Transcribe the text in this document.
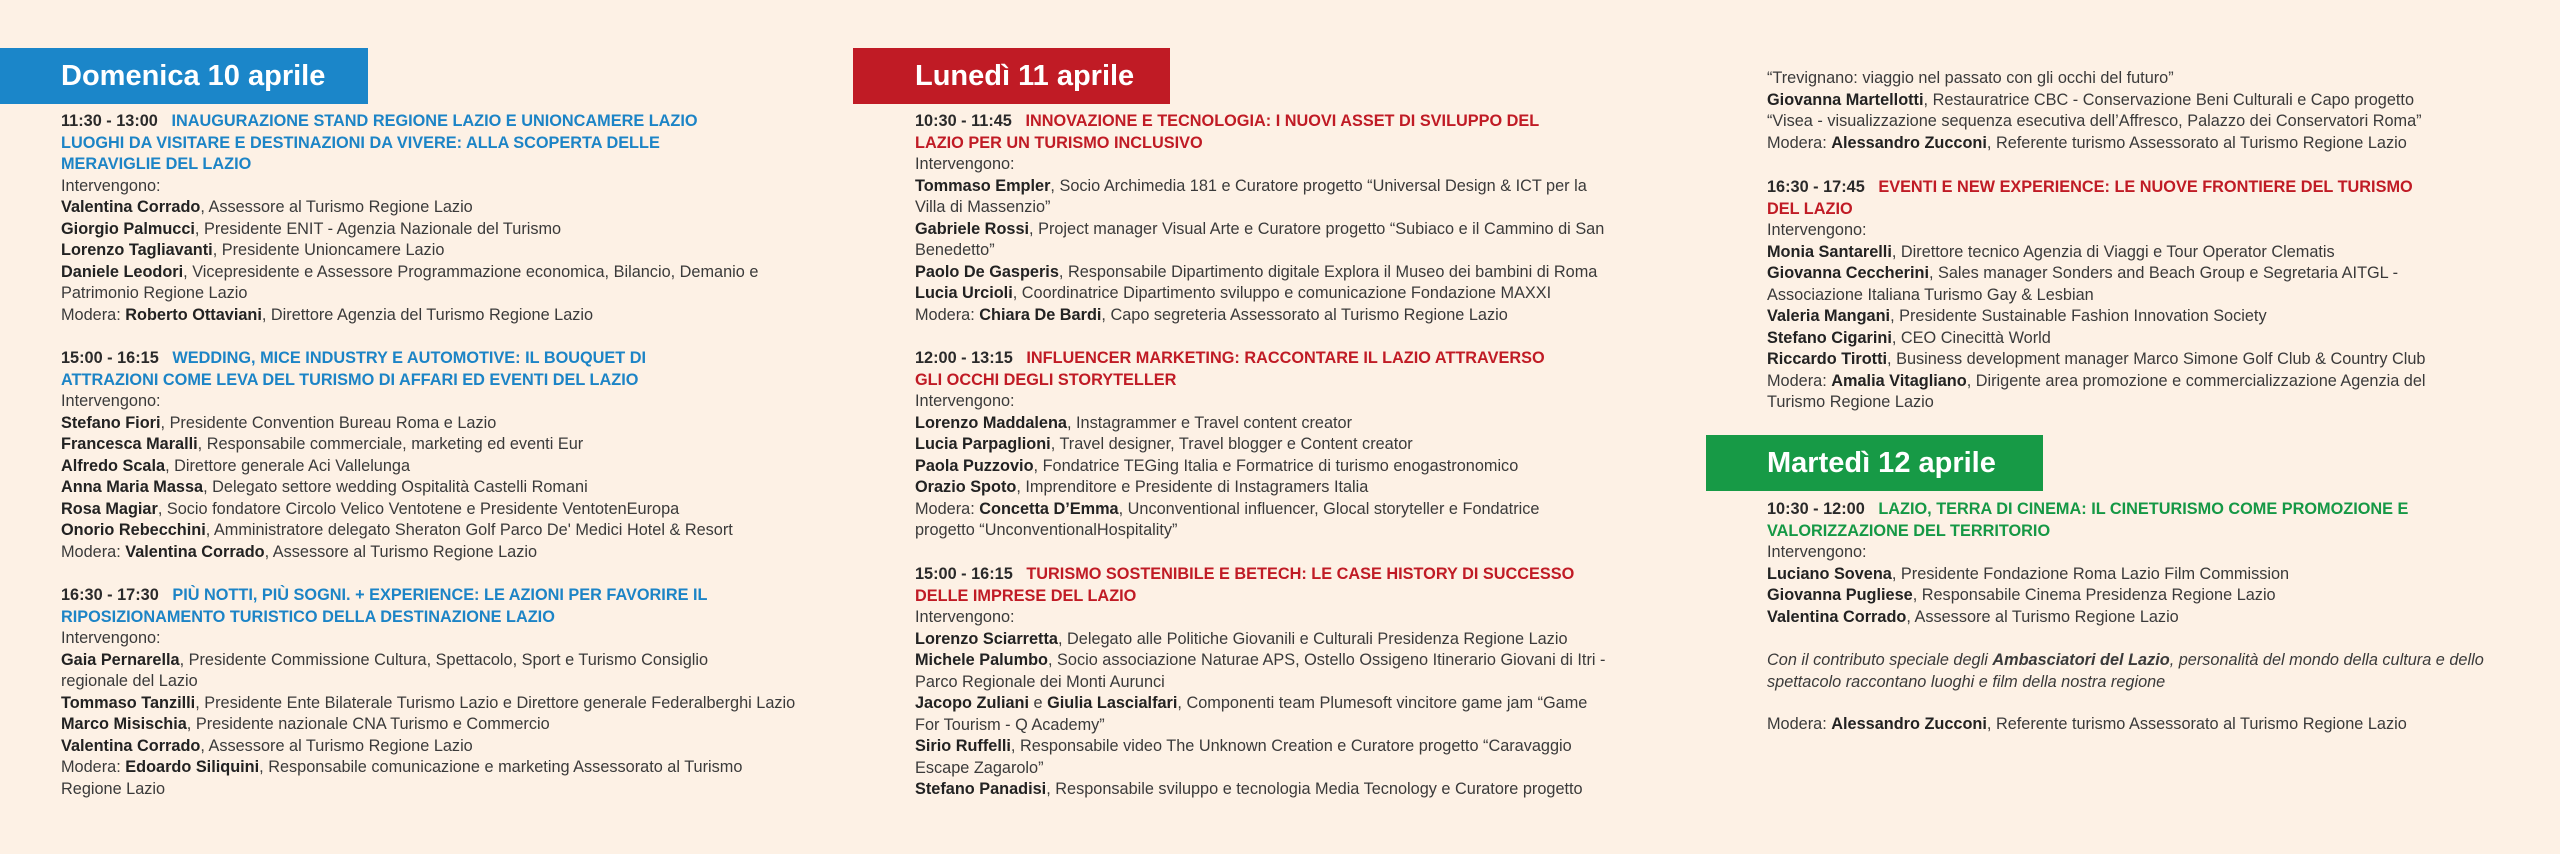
Domenica 10 aprile
11:30 - 13:00 INAUGURAZIONE STAND REGIONE LAZIO E UNIONCAMERE LAZIO
LUOGHI DA VISITARE E DESTINAZIONI DA VIVERE: ALLA SCOPERTA DELLE
MERAVIGLIE DEL LAZIO
Intervengono:
Valentina Corrado, Assessore al Turismo Regione Lazio
Giorgio Palmucci, Presidente ENIT - Agenzia Nazionale del Turismo
Lorenzo Tagliavanti, Presidente Unioncamere Lazio
Daniele Leodori, Vicepresidente e Assessore Programmazione economica, Bilancio, Demanio e
Patrimonio Regione Lazio
Modera: Roberto Ottaviani, Direttore Agenzia del Turismo Regione Lazio
15:00 - 16:15 WEDDING, MICE INDUSTRY E AUTOMOTIVE: IL BOUQUET DI
ATTRAZIONI COME LEVA DEL TURISMO DI AFFARI ED EVENTI DEL LAZIO
Intervengono:
Stefano Fiori, Presidente Convention Bureau Roma e Lazio
Francesca Maralli, Responsabile commerciale, marketing ed eventi Eur
Alfredo Scala, Direttore generale Aci Vallelunga
Anna Maria Massa, Delegato settore wedding Ospitalità Castelli Romani
Rosa Magiar, Socio fondatore Circolo Velico Ventotene e Presidente VentotenEuropa
Onorio Rebecchini, Amministratore delegato Sheraton Golf Parco De' Medici Hotel & Resort
Modera: Valentina Corrado, Assessore al Turismo Regione Lazio
16:30 - 17:30 PIÙ NOTTI, PIÙ SOGNI. + EXPERIENCE: LE AZIONI PER FAVORIRE IL
RIPOSIZIONAMENTO TURISTICO DELLA DESTINAZIONE LAZIO
Intervengono:
Gaia Pernarella, Presidente Commissione Cultura, Spettacolo, Sport e Turismo Consiglio
regionale del Lazio
Tommaso Tanzilli, Presidente Ente Bilaterale Turismo Lazio e Direttore generale Federalberghi Lazio
Marco Misischia, Presidente nazionale CNA Turismo e Commercio
Valentina Corrado, Assessore al Turismo Regione Lazio
Modera: Edoardo Siliquini, Responsabile comunicazione e marketing Assessorato al Turismo
Regione Lazio
Lunedì 11 aprile
10:30 - 11:45 INNOVAZIONE E TECNOLOGIA: I NUOVI ASSET DI SVILUPPO DEL
LAZIO PER UN TURISMO INCLUSIVO
Intervengono:
Tommaso Empler, Socio Archimedia 181 e Curatore progetto “Universal Design & ICT per la
Villa di Massenzio”
Gabriele Rossi, Project manager Visual Arte e Curatore progetto “Subiaco e il Cammino di San
Benedetto”
Paolo De Gasperis, Responsabile Dipartimento digitale Explora il Museo dei bambini di Roma
Lucia Urcioli, Coordinatrice Dipartimento sviluppo e comunicazione Fondazione MAXXI
Modera: Chiara De Bardi, Capo segreteria Assessorato al Turismo Regione Lazio
12:00 - 13:15 INFLUENCER MARKETING: RACCONTARE IL LAZIO ATTRAVERSO
GLI OCCHI DEGLI STORYTELLER
Intervengono:
Lorenzo Maddalena, Instagrammer e Travel content creator
Lucia Parpaglioni, Travel designer, Travel blogger e Content creator
Paola Puzzovio, Fondatrice TEGing Italia e Formatrice di turismo enogastronomico
Orazio Spoto, Imprenditore e Presidente di Instagramers Italia
Modera: Concetta D’Emma, Unconventional influencer, Glocal storyteller e Fondatrice
progetto “UnconventionalHospitality”
15:00 - 16:15 TURISMO SOSTENIBILE E BETECH: LE CASE HISTORY DI SUCCESSO
DELLE IMPRESE DEL LAZIO
Intervengono:
Lorenzo Sciarretta, Delegato alle Politiche Giovanili e Culturali Presidenza Regione Lazio
Michele Palumbo, Socio associazione Naturae APS, Ostello Ossigeno Itinerario Giovani di Itri -
Parco Regionale dei Monti Aurunci
Jacopo Zuliani e Giulia Lascialfari, Componenti team Plumesoft vincitore game jam “Game
For Tourism - Q Academy”
Sirio Ruffelli, Responsabile video The Unknown Creation e Curatore progetto “Caravaggio
Escape Zagarolo”
Stefano Panadisi, Responsabile sviluppo e tecnologia Media Tecnology e Curatore progetto
“Trevignano: viaggio nel passato con gli occhi del futuro”
Giovanna Martellotti, Restauratrice CBC - Conservazione Beni Culturali e Capo progetto
“Visea - visualizzazione sequenza esecutiva dell’Affresco, Palazzo dei Conservatori Roma”
Modera: Alessandro Zucconi, Referente turismo Assessorato al Turismo Regione Lazio
16:30 - 17:45 EVENTI E NEW EXPERIENCE: LE NUOVE FRONTIERE DEL TURISMO
DEL LAZIO
Intervengono:
Monia Santarelli, Direttore tecnico Agenzia di Viaggi e Tour Operator Clematis
Giovanna Ceccherini, Sales manager Sonders and Beach Group e Segretaria AITGL -
Associazione Italiana Turismo Gay & Lesbian
Valeria Mangani, Presidente Sustainable Fashion Innovation Society
Stefano Cigarini, CEO Cinecittà World
Riccardo Tirotti, Business development manager Marco Simone Golf Club & Country Club
Modera: Amalia Vitagliano, Dirigente area promozione e commercializzazione Agenzia del
Turismo Regione Lazio
Martedì 12 aprile
10:30 - 12:00 LAZIO, TERRA DI CINEMA: IL CINETURISMO COME PROMOZIONE E
VALORIZZAZIONE DEL TERRITORIO
Intervengono:
Luciano Sovena, Presidente Fondazione Roma Lazio Film Commission
Giovanna Pugliese, Responsabile Cinema Presidenza Regione Lazio
Valentina Corrado, Assessore al Turismo Regione Lazio
Con il contributo speciale degli Ambasciatori del Lazio, personalità del mondo della cultura e dello
spettacolo raccontano luoghi e film della nostra regione
Modera: Alessandro Zucconi, Referente turismo Assessorato al Turismo Regione Lazio
